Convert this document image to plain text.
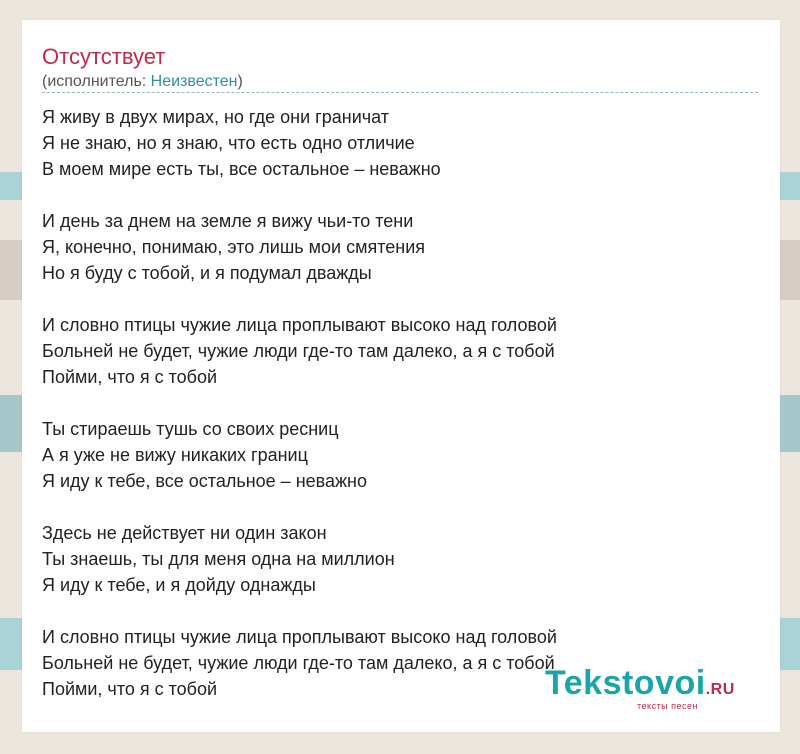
Отсутствует
(исполнитель: Неизвестен)
Я живу в двух мирах, но где они граничат
Я не знаю, но я знаю, что есть одно отличие
В моем мире есть ты, все остальное – неважно
И день за днем на земле я вижу чьи-то тени
Я, конечно, понимаю, это лишь мои смятения
Но я буду с тобой, и я подумал дважды
И словно птицы чужие лица проплывают высоко над головой
Больней не будет, чужие люди где-то там далеко, а я с тобой
Пойми, что я с тобой
Ты стираешь тушь со своих ресниц
А я уже не вижу никаких границ
Я иду к тебе, все остальное – неважно
Здесь не действует ни один закон
Ты знаешь, ты для меня одна на миллион
Я иду к тебе, и я дойду однажды
И словно птицы чужие лица проплывают высоко над головой
Больней не будет, чужие люди где-то там далеко, а я с тобой
Пойми, что я с тобой	Tekstovoi.RU
тексты песен
